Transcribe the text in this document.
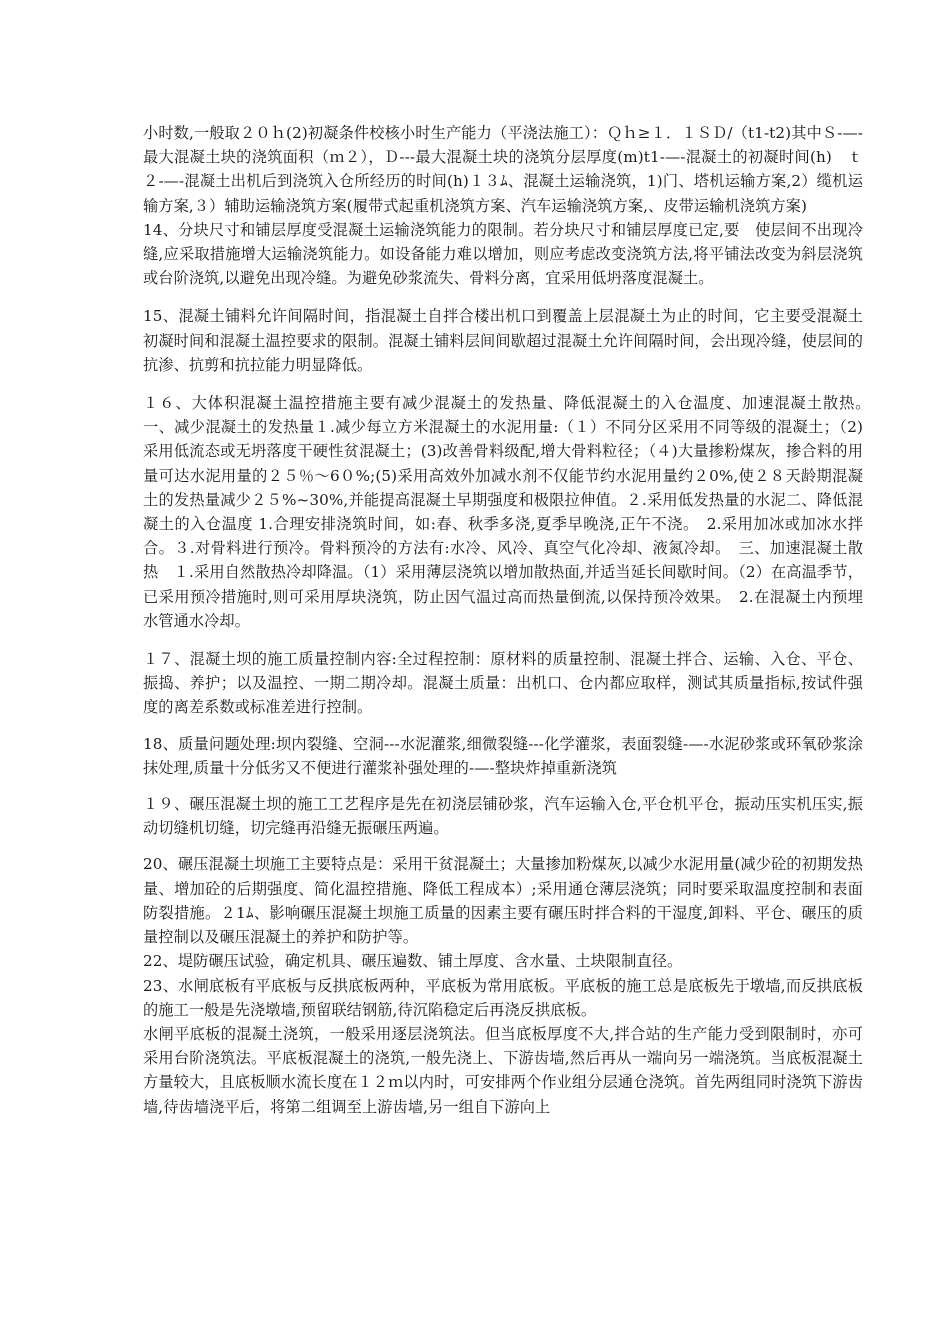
小时数,一般取２０ｈ(2)初凝条件校核小时生产能力（平浇法施工）：Ｑｈ≥１．１ＳＤ/（t1-t2)其中Ｓ-—-最大混凝土块的浇筑面积（ｍ２），Ｄ---最大混凝土块的浇筑分层厚度(m)t1-—-混凝土的初凝时间(h)　ｔ２-—-混凝土出机后到浇筑入仓所经历的时间(h)１３ﾑ、混凝土运输浇筑，1)门、塔机运输方案,2）缆机运输方案,３）辅助运输浇筑方案(履带式起重机浇筑方案、汽车运输浇筑方案,、皮带运输机浇筑方案)

14、分块尺寸和铺层厚度受混凝土运输浇筑能力的限制。若分块尺寸和铺层厚度已定,要　使层间不出现冷缝,应采取措施增大运输浇筑能力。如设备能力难以增加，则应考虑改变浇筑方法,将平铺法改变为斜层浇筑或台阶浇筑,以避免出现冷缝。为避免砂浆流失、骨料分离，宜采用低坍落度混凝土。

15、混凝土铺料允许间隔时间，指混凝土自拌合楼出机口到覆盖上层混凝土为止的时间，它主要受混凝土初凝时间和混凝土温控要求的限制。混凝土铺料层间间歇超过混凝土允许间隔时间，会出现冷缝，使层间的抗渗、抗剪和抗拉能力明显降低。

１６、大体积混凝土温控措施主要有减少混凝土的发热量、降低混凝土的入仓温度、加速混凝土散热。　一、减少混凝土的发热量１.减少每立方米混凝土的水泥用量:（１）不同分区采用不同等级的混凝土；（2)采用低流态或无坍落度干硬性贫混凝土；(3)改善骨料级配,增大骨料粒径；（４)大量掺粉煤灰，掺合料的用量可达水泥用量的２５％～6０%;(5)采用高效外加减水剂不仅能节约水泥用量约２0%,使２８天龄期混凝土的发热量减少２５%~30%,并能提高混凝土早期强度和极限拉伸值。２.采用低发热量的水泥二、降低混凝土的入仓温度 1.合理安排浇筑时间，如:春、秋季多浇,夏季早晚浇,正午不浇。　2.采用加冰或加冰水拌合。３.对骨料进行预冷。骨料预冷的方法有:水冷、风冷、真空气化冷却、液氮冷却。　三、加速混凝土散热　１.采用自然散热冷却降温。（1）采用薄层浇筑以增加散热面,并适当延长间歇时间。（2）在高温季节，已采用预冷措施时,则可采用厚块浇筑，防止因气温过高而热量倒流,以保持预冷效果。　2.在混凝土内预埋水管通水冷却。

１７、混凝土坝的施工质量控制内容:全过程控制：原材料的质量控制、混凝土拌合、运输、入仓、平仓、振捣、养护；以及温控、一期二期冷却。混凝土质量：出机口、仓内都应取样，测试其质量指标,按试件强度的离差系数或标准差进行控制。

18、质量问题处理:坝内裂缝、空洞---水泥灌浆,细微裂缝---化学灌浆，表面裂缝-—-水泥砂浆或环氧砂浆涂抹处理,质量十分低劣又不便进行灌浆补强处理的-—-整块炸掉重新浇筑

１９、碾压混凝土坝的施工工艺程序是先在初浇层铺砂浆，汽车运输入仓,平仓机平仓，振动压实机压实,振动切缝机切缝，切完缝再沿缝无振碾压两遍。

20、碾压混凝土坝施工主要特点是：采用干贫混凝土；大量掺加粉煤灰,以减少水泥用量(减少砼的初期发热量、增加砼的后期强度、简化温控措施、降低工程成本）;采用通仓薄层浇筑；同时要采取温度控制和表面防裂措施。２1ﾑ、影响碾压混凝土坝施工质量的因素主要有碾压时拌合料的干湿度,卸料、平仓、碾压的质量控制以及碾压混凝土的养护和防护等。

22、堤防碾压试验，确定机具、碾压遍数、铺土厚度、含水量、土块限制直径。

23、水闸底板有平底板与反拱底板两种，平底板为常用底板。平底板的施工总是底板先于墩墙,而反拱底板的施工一般是先浇墩墙,预留联结钢筋,待沉陷稳定后再浇反拱底板。

水闸平底板的混凝土浇筑，一般采用逐层浇筑法。但当底板厚度不大,拌合站的生产能力受到限制时，亦可采用台阶浇筑法。平底板混凝土的浇筑,一般先浇上、下游齿墙,然后再从一端向另一端浇筑。当底板混凝土方量较大，且底板顺水流长度在１２ｍ以内时，可安排两个作业组分层通仓浇筑。首先两组同时浇筑下游齿墙,待齿墙浇平后，将第二组调至上游齿墙,另一组自下游向上
